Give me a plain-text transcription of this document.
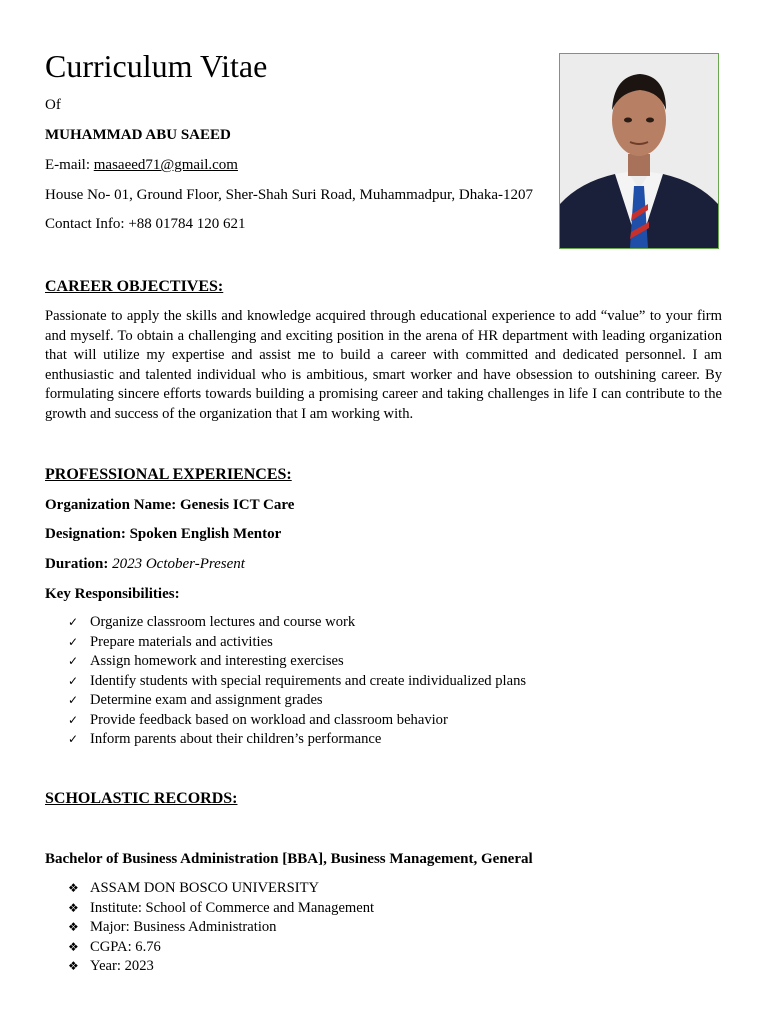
Curriculum Vitae
Of
MUHAMMAD ABU SAEED
E-mail: masaeed71@gmail.com
House No- 01, Ground Floor, Sher-Shah Suri Road, Muhammadpur, Dhaka-1207
Contact Info: +88 01784 120 621
CAREER OBJECTIVES:
Passionate to apply the skills and knowledge acquired through educational experience to add “value” to your firm and myself. To obtain a challenging and exciting position in the arena of HR department with leading organization that will utilize my expertise and assist me to build a career with committed and dedicated personnel. I am enthusiastic and talented individual who is ambitious, smart worker and have obsession to outshining career. By formulating sincere efforts towards building a promising career and taking challenges in life I can contribute to the growth and success of the organization that I am working with.
PROFESSIONAL EXPERIENCES:
Organization Name: Genesis ICT Care
Designation: Spoken English Mentor
Duration: 2023 October-Present
Key Responsibilities:
✓ Organize classroom lectures and course work
✓ Prepare materials and activities
✓ Assign homework and interesting exercises
✓ Identify students with special requirements and create individualized plans
✓ Determine exam and assignment grades
✓ Provide feedback based on workload and classroom behavior
✓ Inform parents about their children’s performance
SCHOLASTIC RECORDS:
Bachelor of Business Administration [BBA], Business Management, General
❖ ASSAM DON BOSCO UNIVERSITY
❖ Institute: School of Commerce and Management
❖ Major: Business Administration
❖ CGPA: 6.76
❖ Year: 2023
